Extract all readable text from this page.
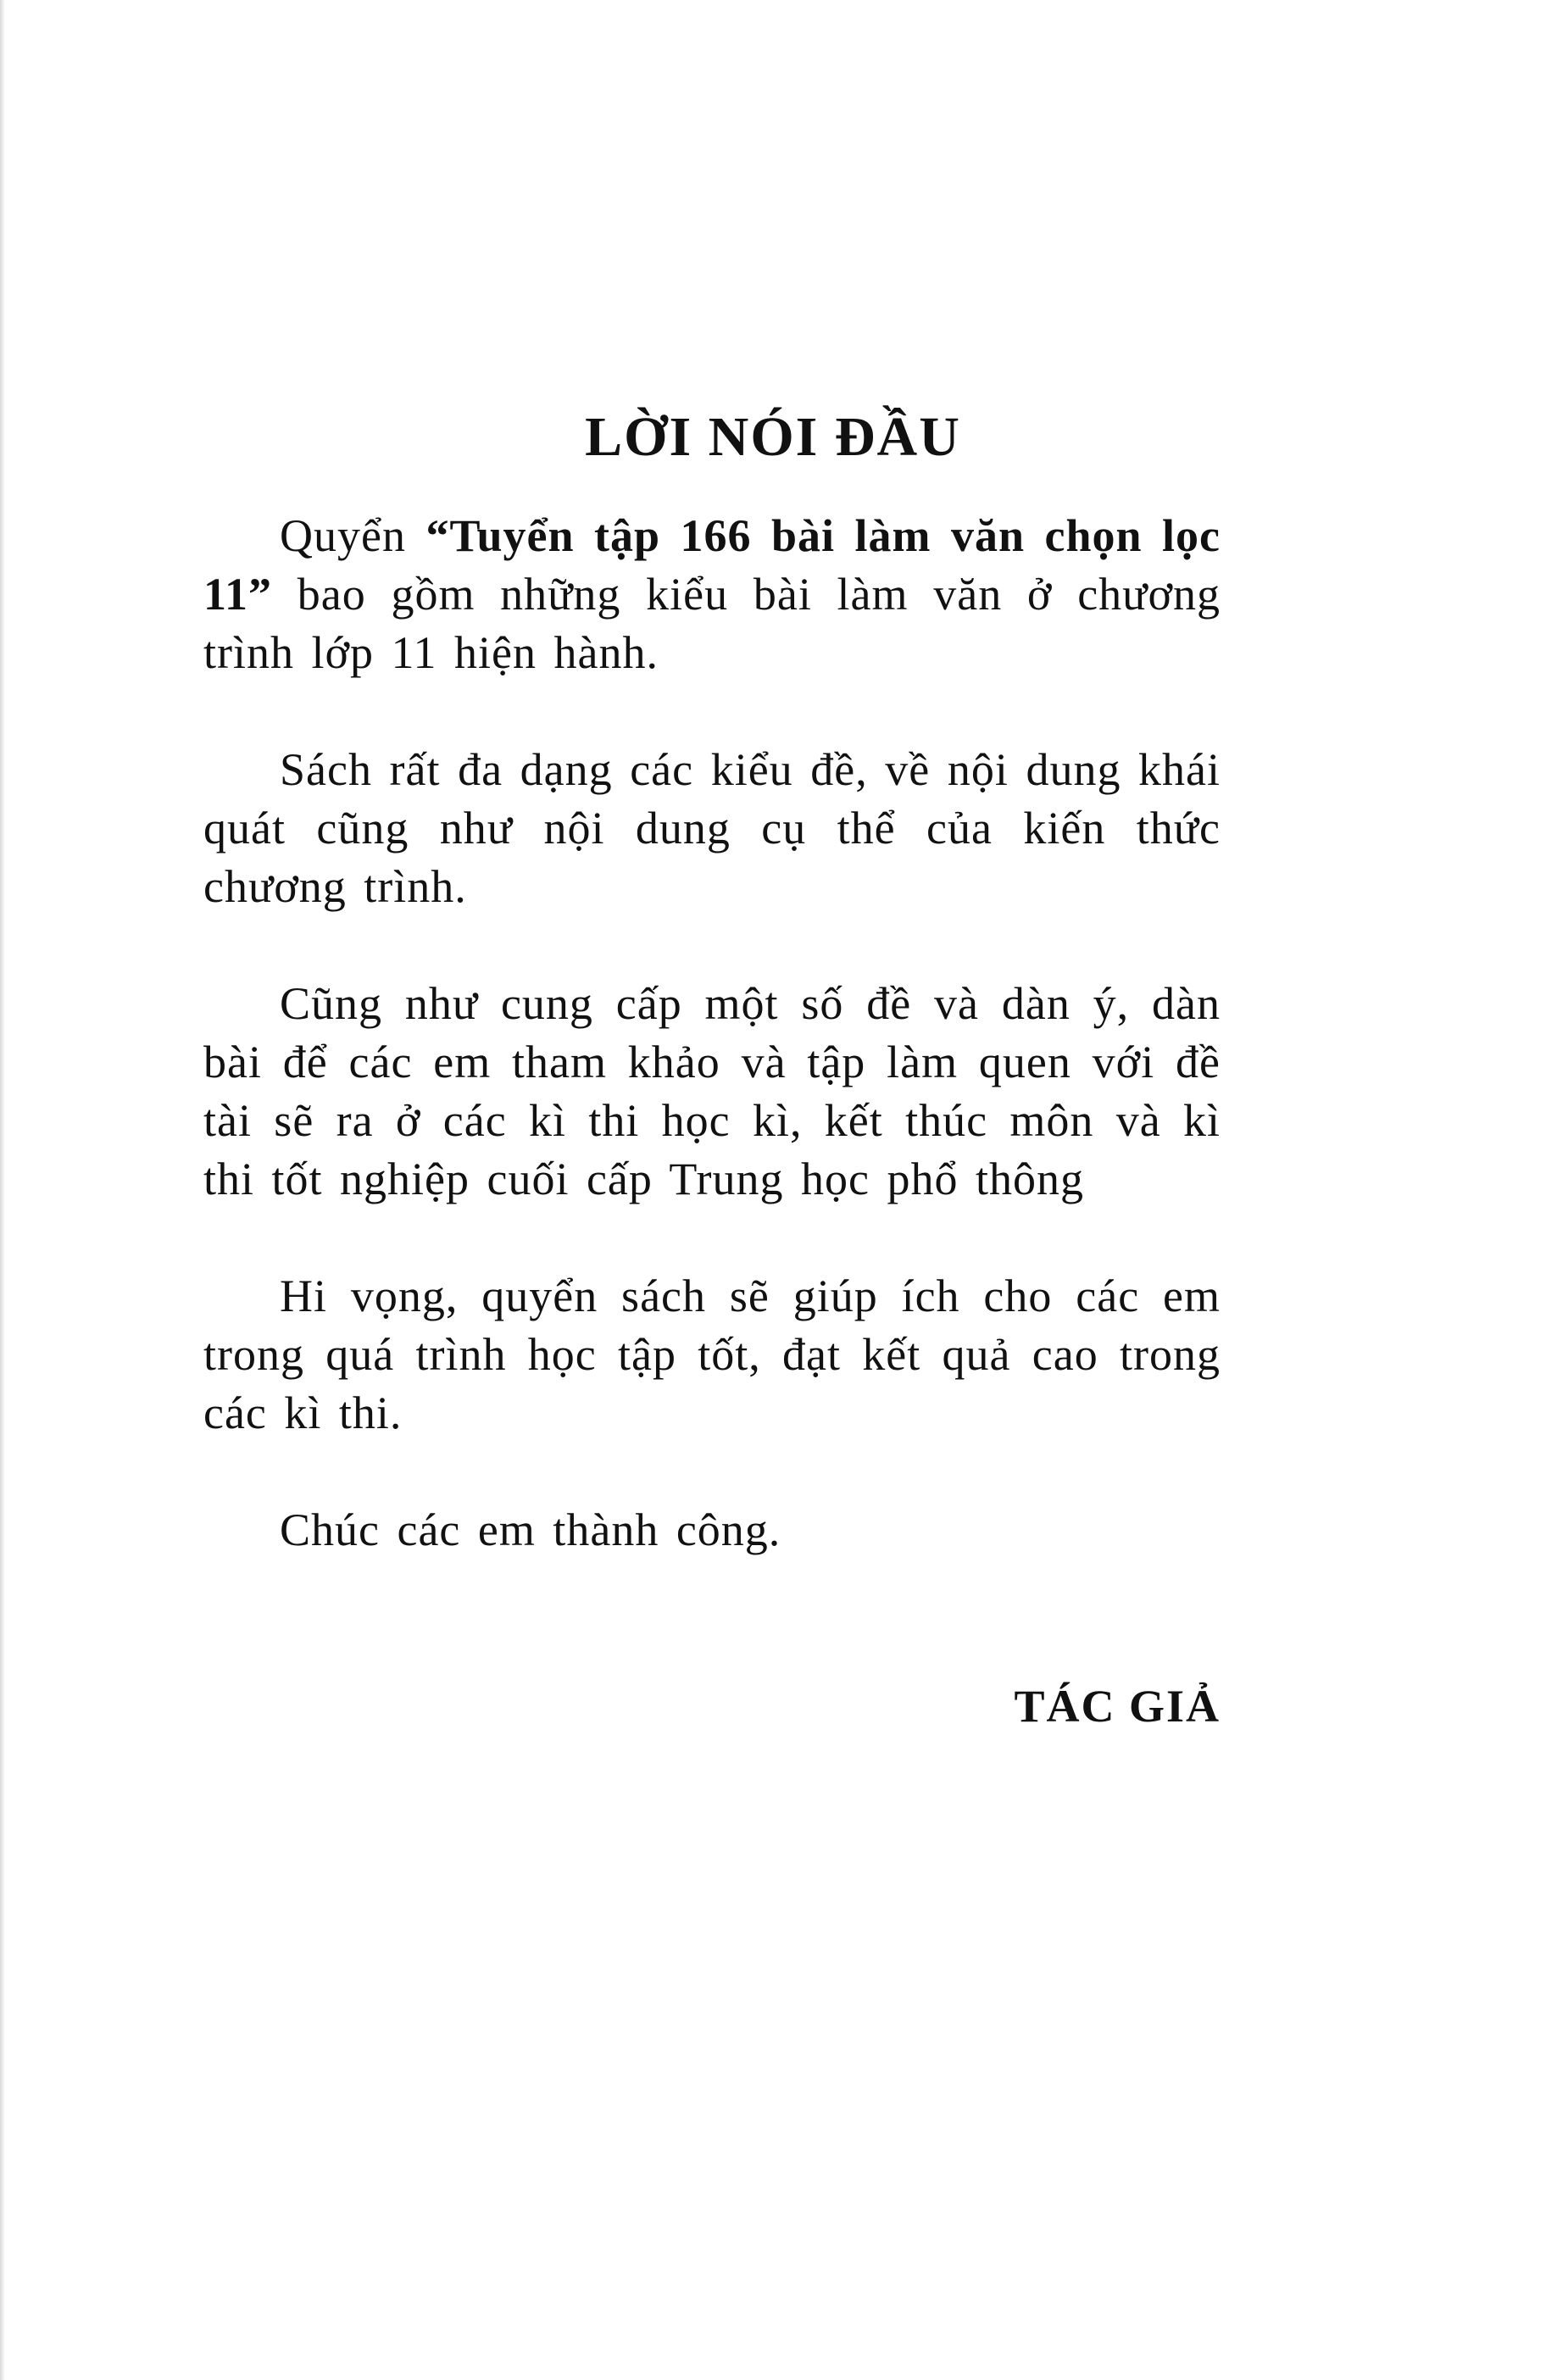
LỜI NÓI ĐẦU

Quyển “Tuyển tập 166 bài làm văn chọn lọc 11” bao gồm những kiểu bài làm văn ở chương trình lớp 11 hiện hành.

Sách rất đa dạng các kiểu đề, về nội dung khái quát cũng như nội dung cụ thể của kiến thức chương trình.

Cũng như cung cấp một số đề và dàn ý, dàn bài để các em tham khảo và tập làm quen với đề tài sẽ ra ở các kì thi học kì, kết thúc môn và kì thi tốt nghiệp cuối cấp Trung học phổ thông

Hi vọng, quyển sách sẽ giúp ích cho các em trong quá trình học tập tốt, đạt kết quả cao trong các kì thi.

Chúc các em thành công.

TÁC GIẢ
